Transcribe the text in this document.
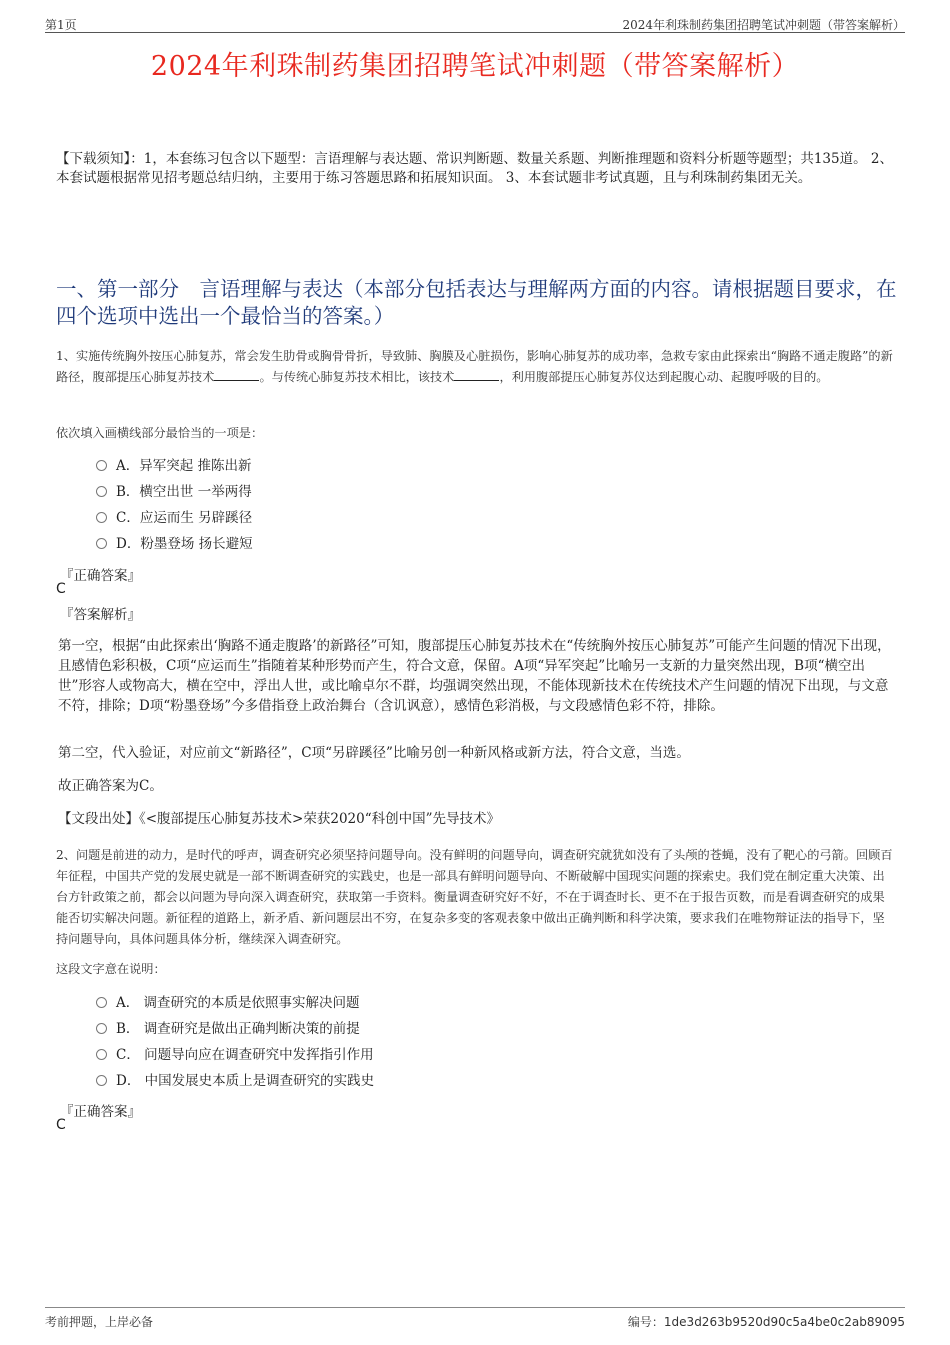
第1页	2024年利珠制药集团招聘笔试冲刺题（带答案解析）
2024年利珠制药集团招聘笔试冲刺题（带答案解析）
【下载须知】：1，本套练习包含以下题型：言语理解与表达题、常识判断题、数量关系题、判断推理题和资料分析题等题型；共135道。 2、本套试题根据常见招考题总结归纳，主要用于练习答题思路和拓展知识面。 3、本套试题非考试真题，且与利珠制药集团无关。
一、第一部分　言语理解与表达（本部分包括表达与理解两方面的内容。请根据题目要求，在四个选项中选出一个最恰当的答案。）
1、实施传统胸外按压心肺复苏，常会发生肋骨或胸骨骨折，导致肺、胸膜及心脏损伤，影响心肺复苏的成功率，急救专家由此探索出“胸路不通走腹路”的新路径，腹部提压心肺复苏技术	。与传统心肺复苏技术相比，该技术	，利用腹部提压心肺复苏仪达到起腹心动、起腹呼吸的目的。
依次填入画横线部分最恰当的一项是：
A．异军突起 推陈出新
B．横空出世 一举两得
C．应运而生 另辟蹊径
D．粉墨登场 扬长避短
『正确答案』
C
『答案解析』
第一空，根据“由此探索出‘胸路不通走腹路’的新路径”可知，腹部提压心肺复苏技术在“传统胸外按压心肺复苏”可能产生问题的情况下出现，且感情色彩积极，C项“应运而生”指随着某种形势而产生，符合文意，保留。A项“异军突起”比喻另一支新的力量突然出现，B项“横空出世”形容人或物高大，横在空中，浮出人世，或比喻卓尔不群，均强调突然出现，不能体现新技术在传统技术产生问题的情况下出现，与文意不符，排除；D项“粉墨登场”今多借指登上政治舞台（含讥讽意），感情色彩消极，与文段感情色彩不符，排除。
第二空，代入验证，对应前文“新路径”，C项“另辟蹊径”比喻另创一种新风格或新方法，符合文意，当选。
故正确答案为C。
【文段出处】《<腹部提压心肺复苏技术>荣获2020“科创中国”先导技术》
2、问题是前进的动力，是时代的呼声，调查研究必须坚持问题导向。没有鲜明的问题导向，调查研究就犹如没有了头颅的苍蝇，没有了靶心的弓箭。回顾百年征程，中国共产党的发展史就是一部不断调查研究的实践史，也是一部具有鲜明问题导向、不断破解中国现实问题的探索史。我们党在制定重大决策、出台方针政策之前，都会以问题为导向深入调查研究，获取第一手资料。衡量调查研究好不好，不在于调查时长、更不在于报告页数，而是看调查研究的成果能否切实解决问题。新征程的道路上，新矛盾、新问题层出不穷，在复杂多变的客观表象中做出正确判断和科学决策，要求我们在唯物辩证法的指导下，坚持问题导向，具体问题具体分析，继续深入调查研究。
这段文字意在说明：
A． 调查研究的本质是依照事实解决问题
B． 调查研究是做出正确判断决策的前提
C． 问题导向应在调查研究中发挥指引作用
D． 中国发展史本质上是调查研究的实践史
『正确答案』
C
考前押题，上岸必备	编号：1de3d263b9520d90c5a4be0c2ab89095
